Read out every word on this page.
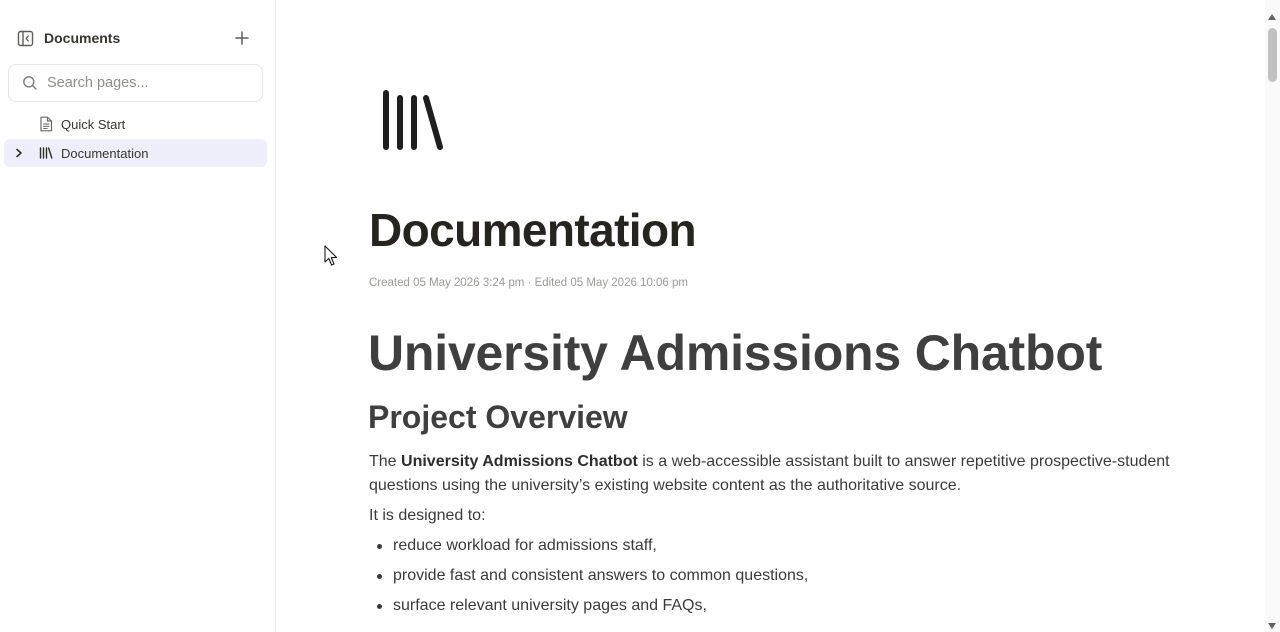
Documents
Search pages...
Quick Start
Documentation
Documentation
Created 05 May 2026 3:24 pm · Edited 05 May 2026 10:06 pm
University Admissions Chatbot
Project Overview

The University Admissions Chatbot is a web-accessible assistant built to answer repetitive prospective-student questions using the university’s existing website content as the authoritative source.

It is designed to:

reduce workload for admissions staff,
provide fast and consistent answers to common questions,
surface relevant university pages and FAQs,
